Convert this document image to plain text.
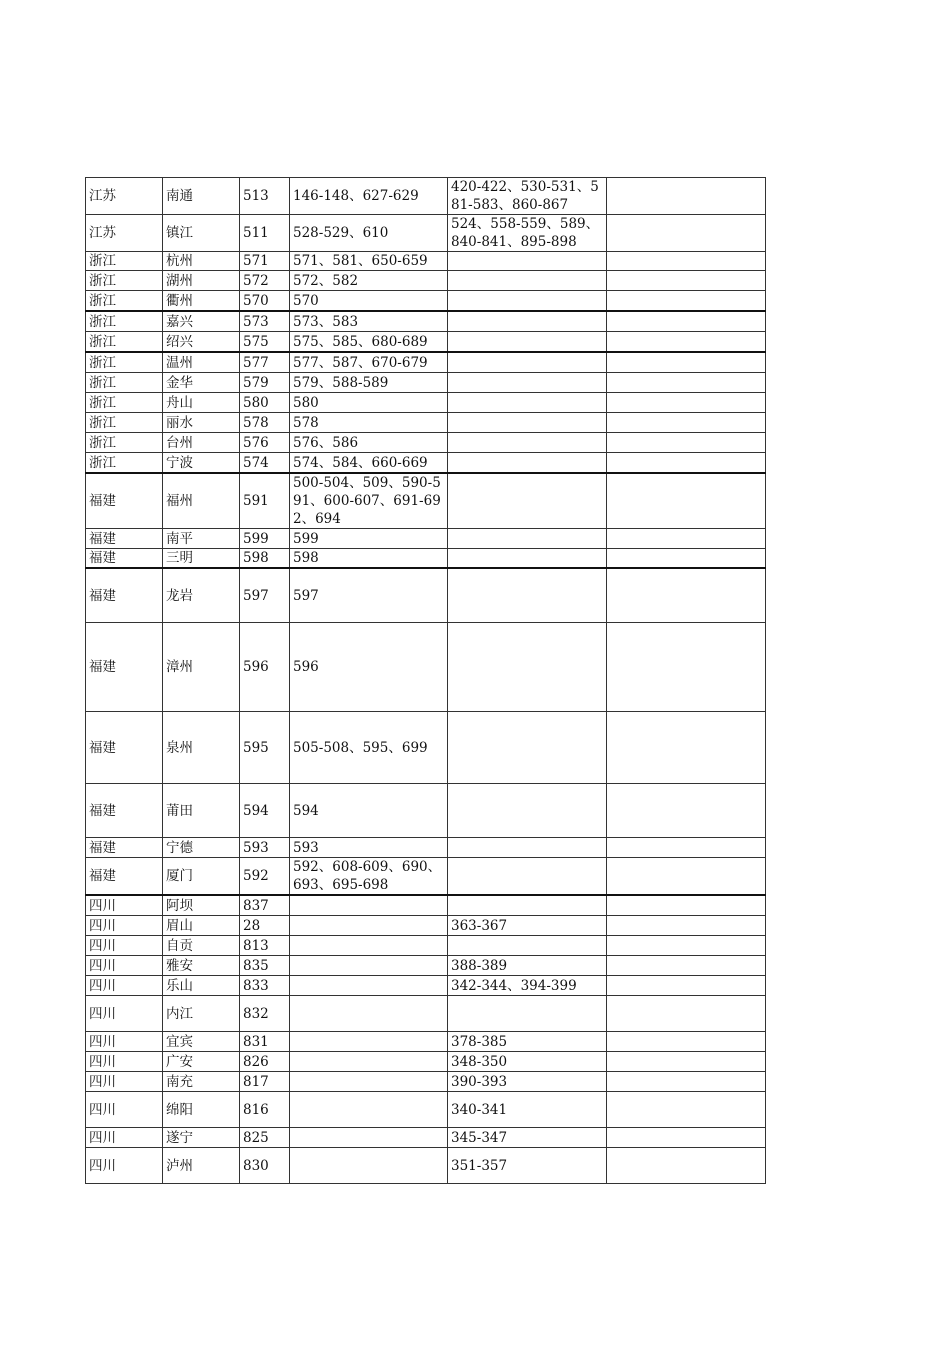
江苏	南通	513	146-148、627-629	420-422、530-531、581-583、860-867	
江苏	镇江	511	528-529、610	524、558-559、589、840-841、895-898	
浙江	杭州	571	571、581、650-659		
浙江	湖州	572	572、582		
浙江	衢州	570	570		
浙江	嘉兴	573	573、583		
浙江	绍兴	575	575、585、680-689		
浙江	温州	577	577、587、670-679		
浙江	金华	579	579、588-589		
浙江	舟山	580	580		
浙江	丽水	578	578		
浙江	台州	576	576、586		
浙江	宁波	574	574、584、660-669		
福建	福州	591	500-504、509、590-591、600-607、691-692、694		
福建	南平	599	599		
福建	三明	598	598		
福建	龙岩	597	597		
福建	漳州	596	596		
福建	泉州	595	505-508、595、699		
福建	莆田	594	594		
福建	宁德	593	593		
福建	厦门	592	592、608-609、690、693、695-698		
四川	阿坝	837			
四川	眉山	28		363-367	
四川	自贡	813			
四川	雅安	835		388-389	
四川	乐山	833		342-344、394-399	
四川	内江	832			
四川	宜宾	831		378-385	
四川	广安	826		348-350	
四川	南充	817		390-393	
四川	绵阳	816		340-341	
四川	遂宁	825		345-347	
四川	泸州	830		351-357	
